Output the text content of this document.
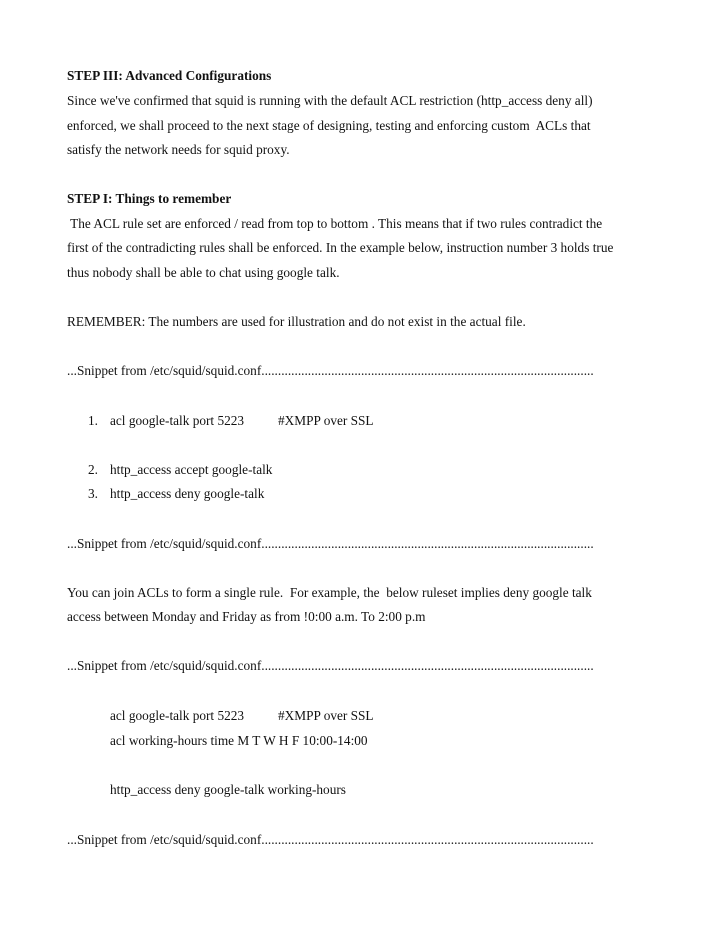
STEP III: Advanced Configurations
Since we've confirmed that squid is running with the default ACL restriction (http_access deny all)
enforced, we shall proceed to the next stage of designing, testing and enforcing custom  ACLs that
satisfy the network needs for squid proxy.
STEP I: Things to remember
The ACL rule set are enforced / read from top to bottom . This means that if two rules contradict the
first of the contradicting rules shall be enforced. In the example below, instruction number 3 holds true
thus nobody shall be able to chat using google talk.
REMEMBER: The numbers are used for illustration and do not exist in the actual file.
...Snippet from /etc/squid/squid.conf....................................................................................................
1. acl google-talk port 5223	#XMPP over SSL
2. http_access accept google-talk
3. http_access deny google-talk
...Snippet from /etc/squid/squid.conf....................................................................................................
You can join ACLs to form a single rule.  For example, the  below ruleset implies deny google talk
access between Monday and Friday as from !0:00 a.m. To 2:00 p.m
...Snippet from /etc/squid/squid.conf....................................................................................................
acl google-talk port 5223	#XMPP over SSL
acl working-hours time M T W H F 10:00-14:00
http_access deny google-talk working-hours
...Snippet from /etc/squid/squid.conf....................................................................................................
